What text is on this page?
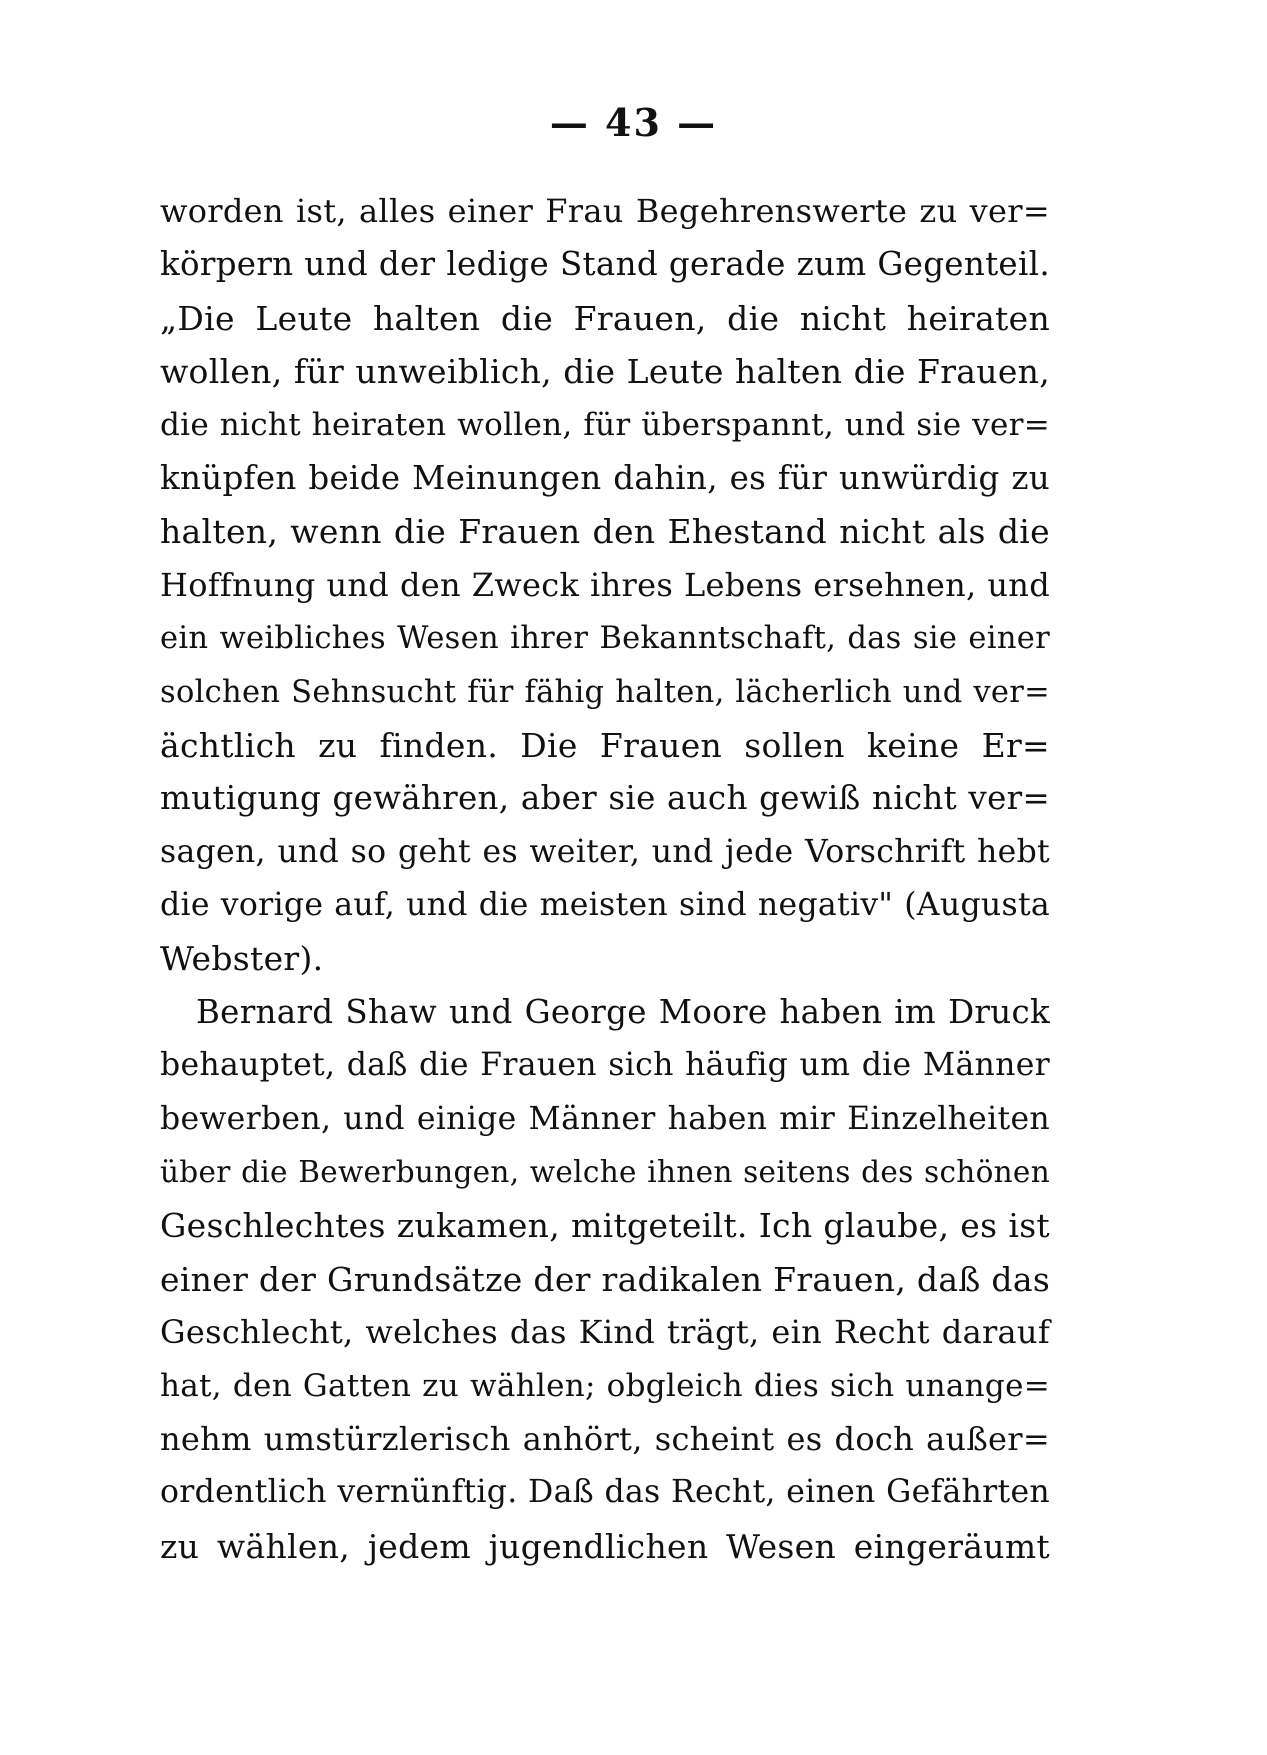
— 43 —
worden ist, alles einer Frau Begehrenswerte zu ver=
körpern und der ledige Stand gerade zum Gegenteil.
„Die Leute halten die Frauen, die nicht heiraten
wollen, für unweiblich, die Leute halten die Frauen,
die nicht heiraten wollen, für überspannt, und sie ver=
knüpfen beide Meinungen dahin, es für unwürdig zu
halten, wenn die Frauen den Ehestand nicht als die
Hoffnung und den Zweck ihres Lebens ersehnen, und
ein weibliches Wesen ihrer Bekanntschaft, das sie einer
solchen Sehnsucht für fähig halten, lächerlich und ver=
ächtlich zu finden. Die Frauen sollen keine Er=
mutigung gewähren, aber sie auch gewiß nicht ver=
sagen, und so geht es weiter, und jede Vorschrift hebt
die vorige auf, und die meisten sind negativ" (Augusta
Webster).
Bernard Shaw und George Moore haben im Druck
behauptet, daß die Frauen sich häufig um die Männer
bewerben, und einige Männer haben mir Einzelheiten
über die Bewerbungen, welche ihnen seitens des schönen
Geschlechtes zukamen, mitgeteilt. Ich glaube, es ist
einer der Grundsätze der radikalen Frauen, daß das
Geschlecht, welches das Kind trägt, ein Recht darauf
hat, den Gatten zu wählen; obgleich dies sich unange=
nehm umstürzlerisch anhört, scheint es doch außer=
ordentlich vernünftig. Daß das Recht, einen Gefährten
zu wählen, jedem jugendlichen Wesen eingeräumt
